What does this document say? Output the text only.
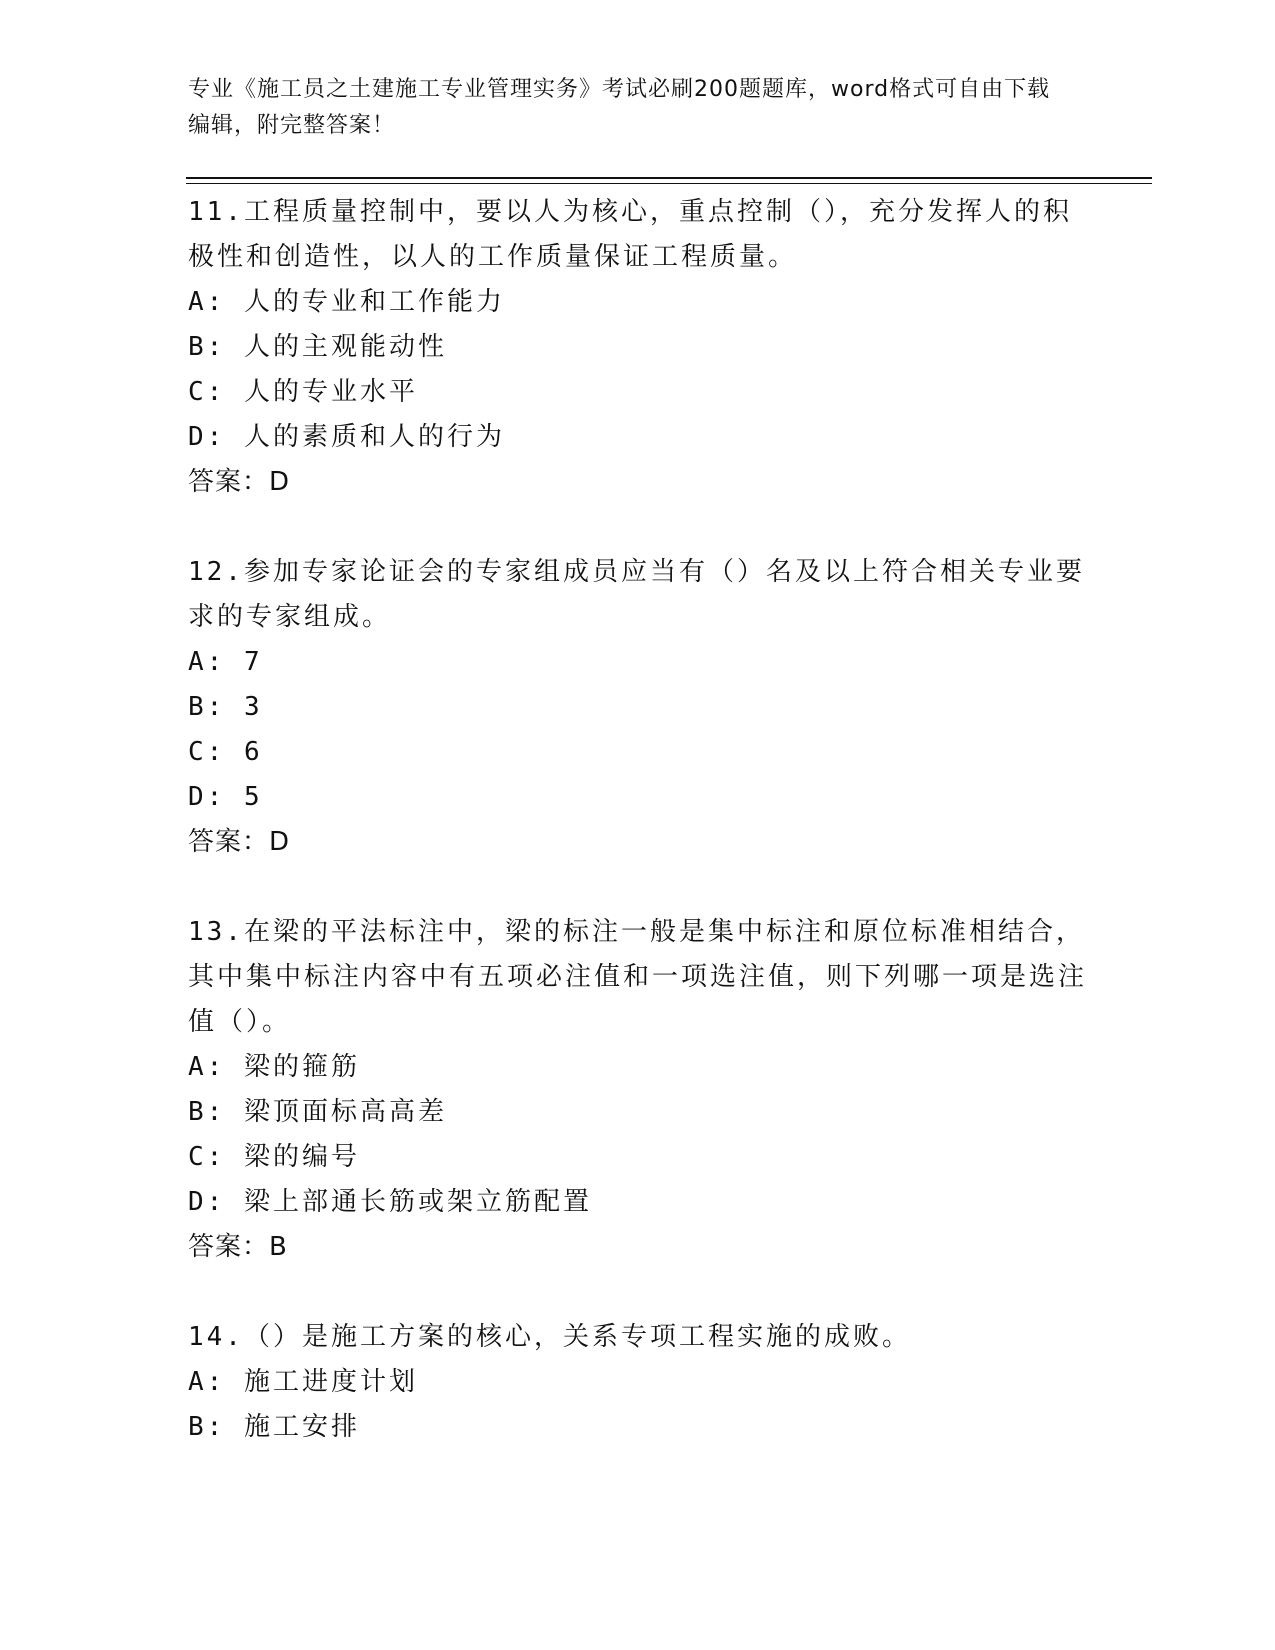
专业《施工员之土建施工专业管理实务》考试必刷200题题库，word格式可自由下载编辑，附完整答案！

11.工程质量控制中，要以人为核心，重点控制（），充分发挥人的积极性和创造性，以人的工作质量保证工程质量。

A: 人的专业和工作能力

B: 人的主观能动性

C: 人的专业水平

D: 人的素质和人的行为

答案：D

12.参加专家论证会的专家组成员应当有（）名及以上符合相关专业要求的专家组成。

A: 7

B: 3

C: 6

D: 5

答案：D

13.在梁的平法标注中，梁的标注一般是集中标注和原位标准相结合，其中集中标注内容中有五项必注值和一项选注值，则下列哪一项是选注值（）。

A: 梁的箍筋

B: 梁顶面标高高差

C: 梁的编号

D: 梁上部通长筋或架立筋配置

答案：B

14.（）是施工方案的核心，关系专项工程实施的成败。

A: 施工进度计划

B: 施工安排
